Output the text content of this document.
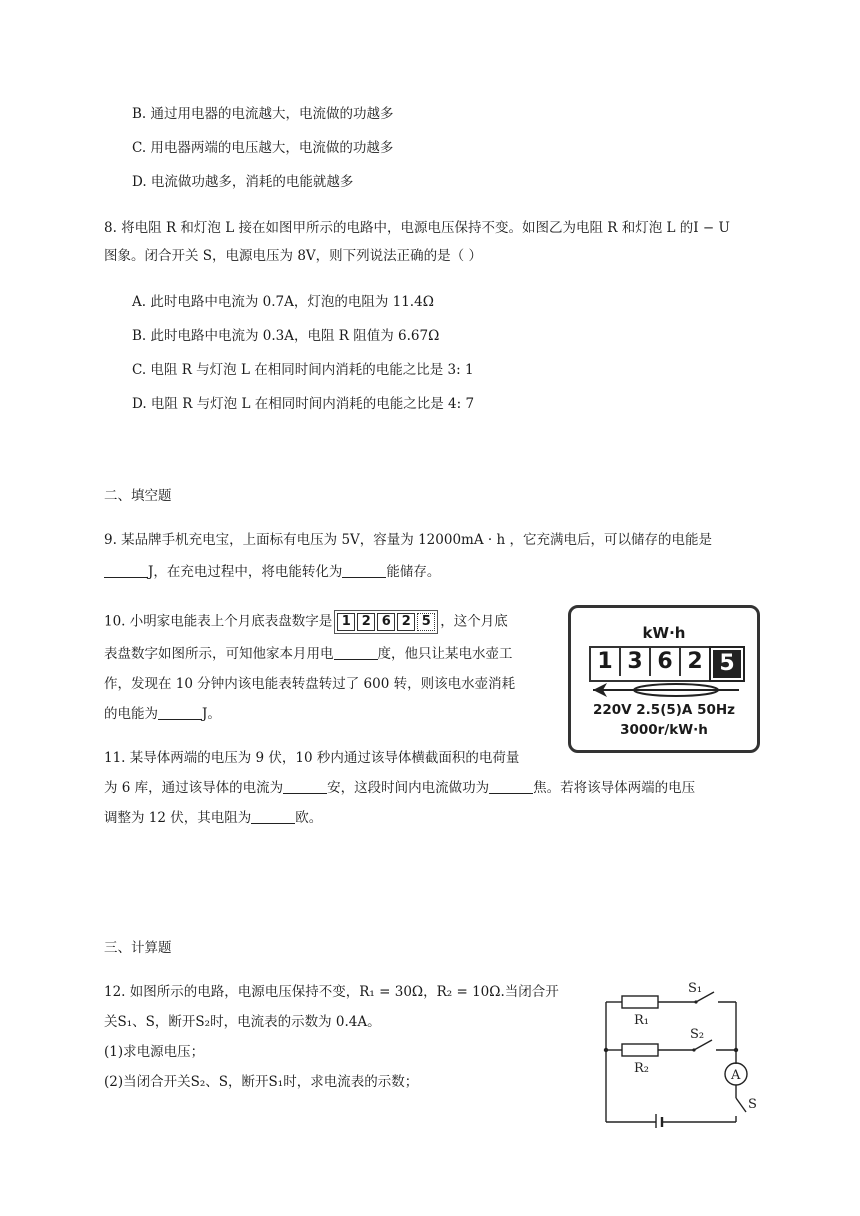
B. 通过用电器的电流越大，电流做的功越多
C. 用电器两端的电压越大，电流做的功越多
D. 电流做功越多，消耗的电能就越多
8. 将电阻 R 和灯泡 L 接在如图甲所示的电路中，电源电压保持不变。如图乙为电阻 R 和灯泡 L 的I − U
图象。闭合开关 S，电源电压为 8V，则下列说法正确的是（ ）
A. 此时电路中电流为 0.7A，灯泡的电阻为 11.4Ω
B. 此时电路中电流为 0.3A，电阻 R 阻值为 6.67Ω
C. 电阻 R 与灯泡 L 在相同时间内消耗的电能之比是 3: 1
D. 电阻 R 与灯泡 L 在相同时间内消耗的电能之比是 4: 7
二、填空题
9. 某品牌手机充电宝，上面标有电压为 5V，容量为 12000mA · h ，它充满电后，可以储存的电能是
J，在充电过程中，将电能转化为	能储存。
10. 小明家电能表上个月底表盘数字是 1 2 6 2 5 ，这个月底
表盘数字如图所示，可知他家本月用电	度，他只让某电水壶工
作，发现在 10 分钟内该电能表转盘转过了 600 转，则该电水壶消耗
的电能为	J。
kW·h
1 3 6 2 5
220V 2.5(5)A 50Hz
3000r/kW·h
11. 某导体两端的电压为 9 伏，10 秒内通过该导体横截面积的电荷量
为 6 库，通过该导体的电流为	安，这段时间内电流做功为	焦。若将该导体两端的电压
调整为 12 伏，其电阻为	欧。
三、计算题
12. 如图所示的电路，电源电压保持不变，R₁ = 30Ω，R₂ = 10Ω.当闭合开
关S₁、S，断开S₂时，电流表的示数为 0.4A。
(1)求电源电压；
(2)当闭合开关S₂、S，断开S₁时，求电流表的示数；
R₁
R₂
S₁
S₂
A
S
